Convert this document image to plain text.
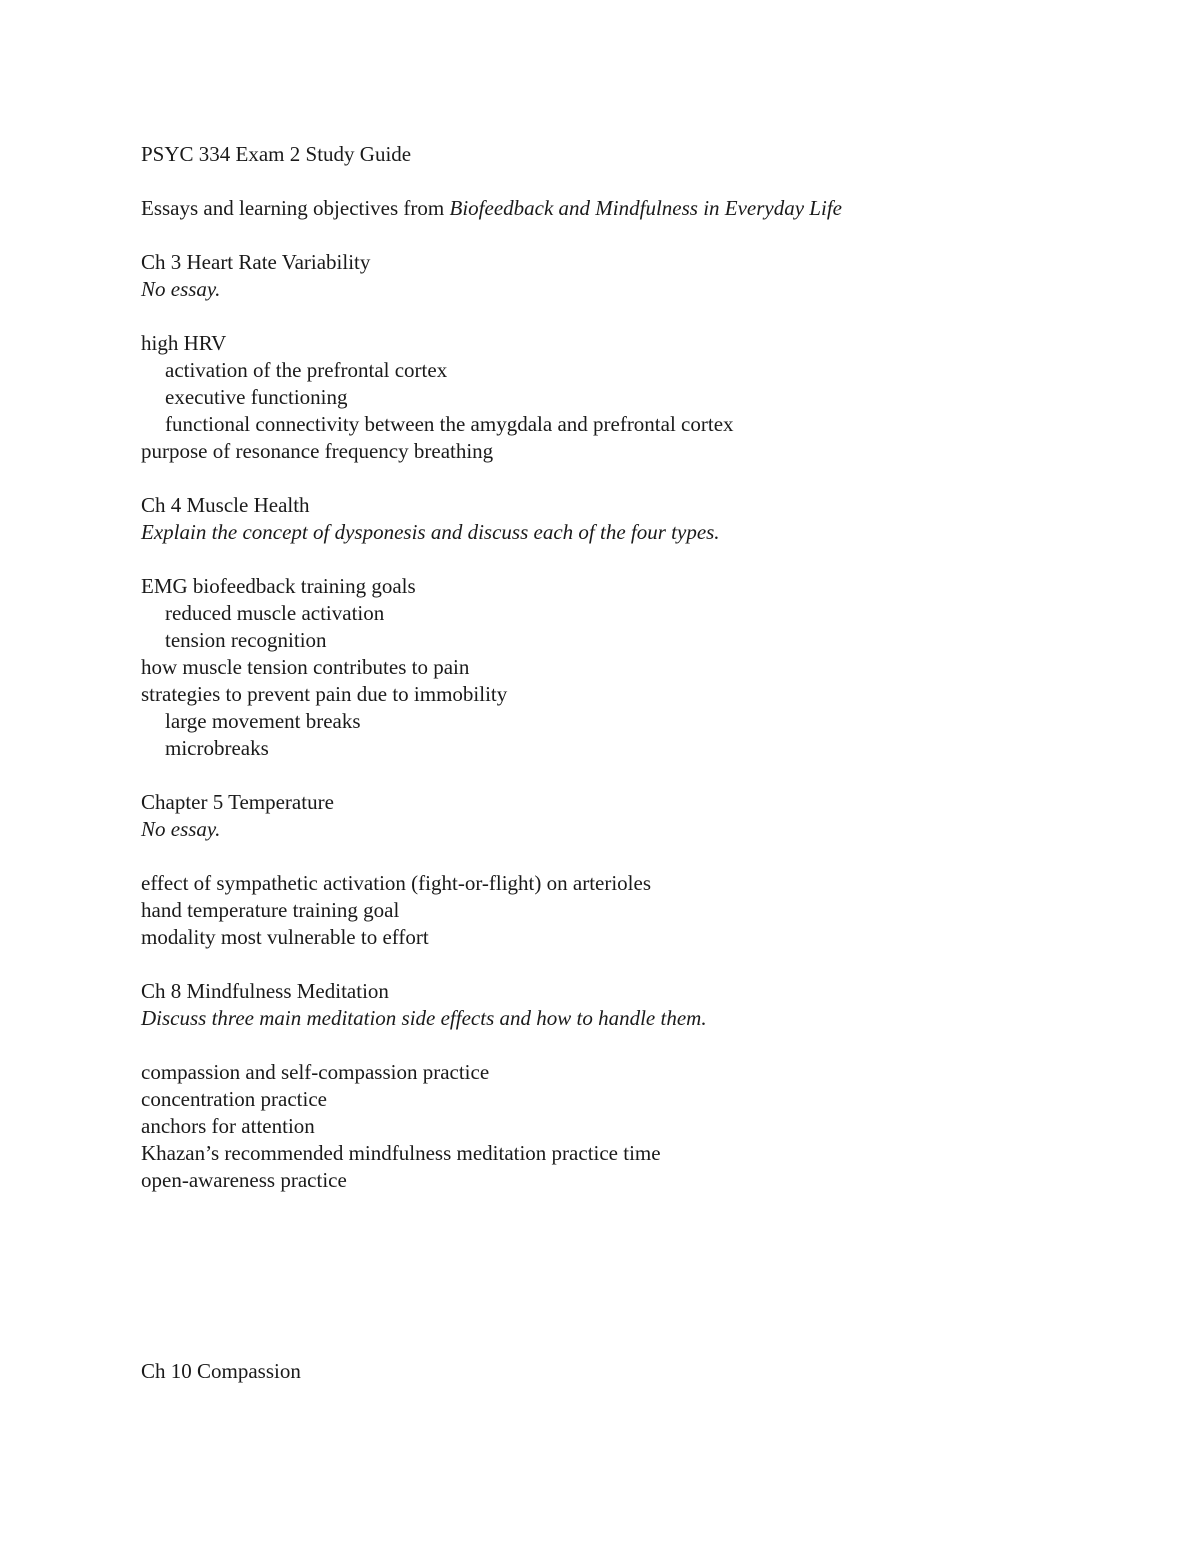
PSYC 334 Exam 2 Study Guide
Essays and learning objectives from Biofeedback and Mindfulness in Everyday Life
Ch 3 Heart Rate Variability
No essay.
high HRV
activation of the prefrontal cortex
executive functioning
functional connectivity between the amygdala and prefrontal cortex
purpose of resonance frequency breathing
Ch 4 Muscle Health
Explain the concept of dysponesis and discuss each of the four types.
EMG biofeedback training goals
reduced muscle activation
tension recognition
how muscle tension contributes to pain
strategies to prevent pain due to immobility
large movement breaks
microbreaks
Chapter 5 Temperature
No essay.
effect of sympathetic activation (fight-or-flight) on arterioles
hand temperature training goal
modality most vulnerable to effort
Ch 8 Mindfulness Meditation
Discuss three main meditation side effects and how to handle them.
compassion and self-compassion practice
concentration practice
anchors for attention
Khazan’s recommended mindfulness meditation practice time
open-awareness practice
Ch 10 Compassion
